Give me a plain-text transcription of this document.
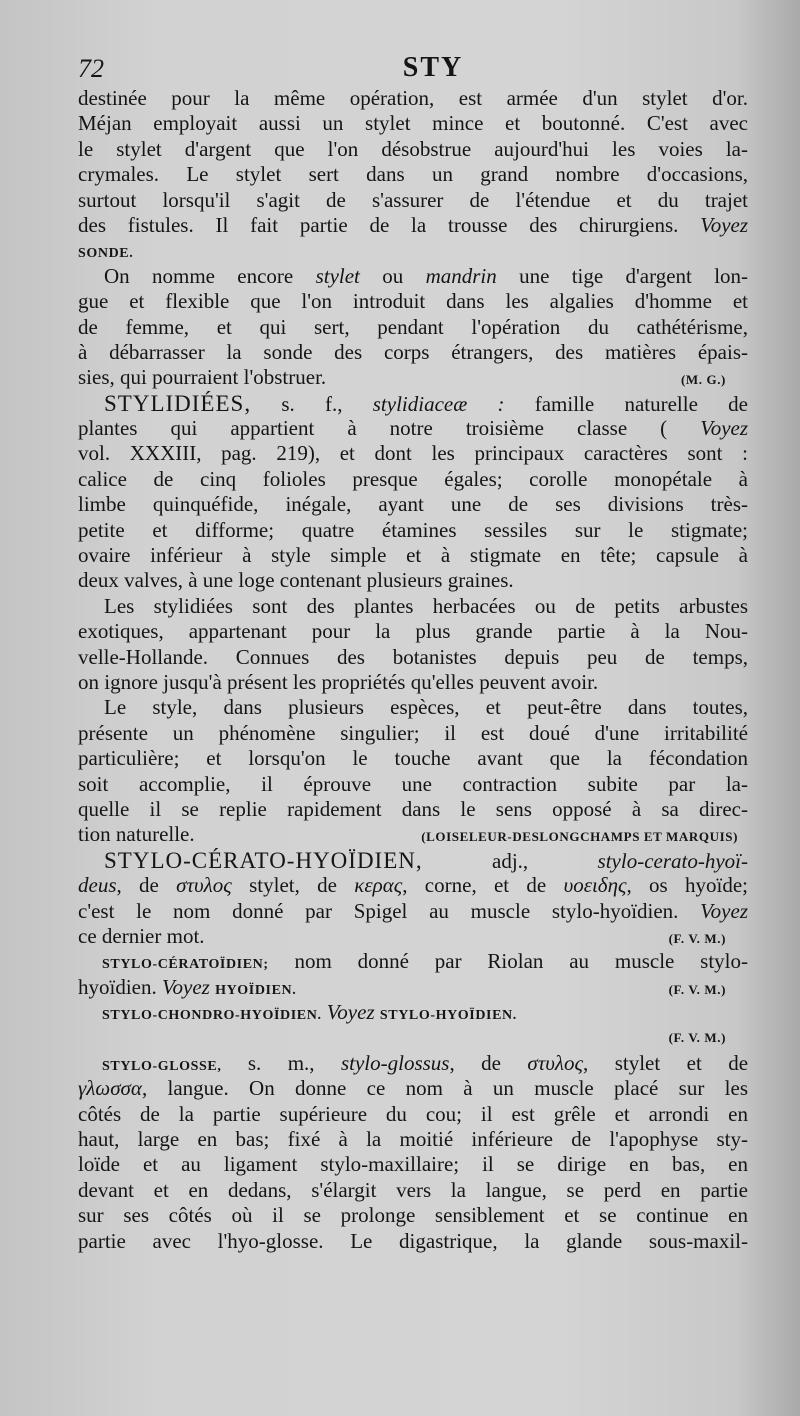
72	STY
destinée pour la même opération, est armée d'un stylet d'or.
Méjan employait aussi un stylet mince et boutonné. C'est avec
le stylet d'argent que l'on désobstrue aujourd'hui les voies la-
crymales. Le stylet sert dans un grand nombre d'occasions,
surtout lorsqu'il s'agit de s'assurer de l'étendue et du trajet
des fistules. Il fait partie de la trousse des chirurgiens. Voyez
SONDE.
On nomme encore stylet ou mandrin une tige d'argent lon-
gue et flexible que l'on introduit dans les algalies d'homme et
de femme, et qui sert, pendant l'opération du cathétérisme,
à débarrasser la sonde des corps étrangers, des matières épais-
sies, qui pourraient l'obstruer.	(M. G.)
STYLIDIÉES, s. f., stylidiaceæ : famille naturelle de
plantes qui appartient à notre troisième classe ( Voyez
vol. XXXIII, pag. 219), et dont les principaux caractères sont :
calice de cinq folioles presque égales; corolle monopétale à
limbe quinquéfide, inégale, ayant une de ses divisions très-
petite et difforme; quatre étamines sessiles sur le stigmate;
ovaire inférieur à style simple et à stigmate en tête; capsule à
deux valves, à une loge contenant plusieurs graines.
Les stylidiées sont des plantes herbacées ou de petits arbustes
exotiques, appartenant pour la plus grande partie à la Nou-
velle-Hollande. Connues des botanistes depuis peu de temps,
on ignore jusqu'à présent les propriétés qu'elles peuvent avoir.
Le style, dans plusieurs espèces, et peut-être dans toutes,
présente un phénomène singulier; il est doué d'une irritabilité
particulière; et lorsqu'on le touche avant que la fécondation
soit accomplie, il éprouve une contraction subite par la-
quelle il se replie rapidement dans le sens opposé à sa direc-
tion naturelle.	(LOISELEUR-DESLONGCHAMPS ET MARQUIS)
STYLO-CÉRATO-HYOÏDIEN,	adj.,	stylo-cerato-hyoï-
deus, de στυλος stylet, de κερας, corne, et de υοειδης, os hyoïde;
c'est le nom donné par Spigel au muscle stylo-hyoïdien. Voyez
ce dernier mot.	(F. V. M.)
STYLO-CÉRATOÏDIEN; nom donné par Riolan au muscle stylo-
hyoïdien. Voyez HYOÏDIEN.	(F. V. M.)
STYLO-CHONDRO-HYOÏDIEN. Voyez STYLO-HYOÏDIEN.
(F. V. M.)
STYLO-GLOSSE, s. m., stylo-glossus, de στυλος, stylet et de
γλωσσα, langue. On donne ce nom à un muscle placé sur les
côtés de la partie supérieure du cou; il est grêle et arrondi en
haut, large en bas; fixé à la moitié inférieure de l'apophyse sty-
loïde et au ligament stylo-maxillaire; il se dirige en bas, en
devant et en dedans, s'élargit vers la langue, se perd en partie
sur ses côtés où il se prolonge sensiblement et se continue en
partie avec l'hyo-glosse. Le digastrique, la glande sous-maxil-
